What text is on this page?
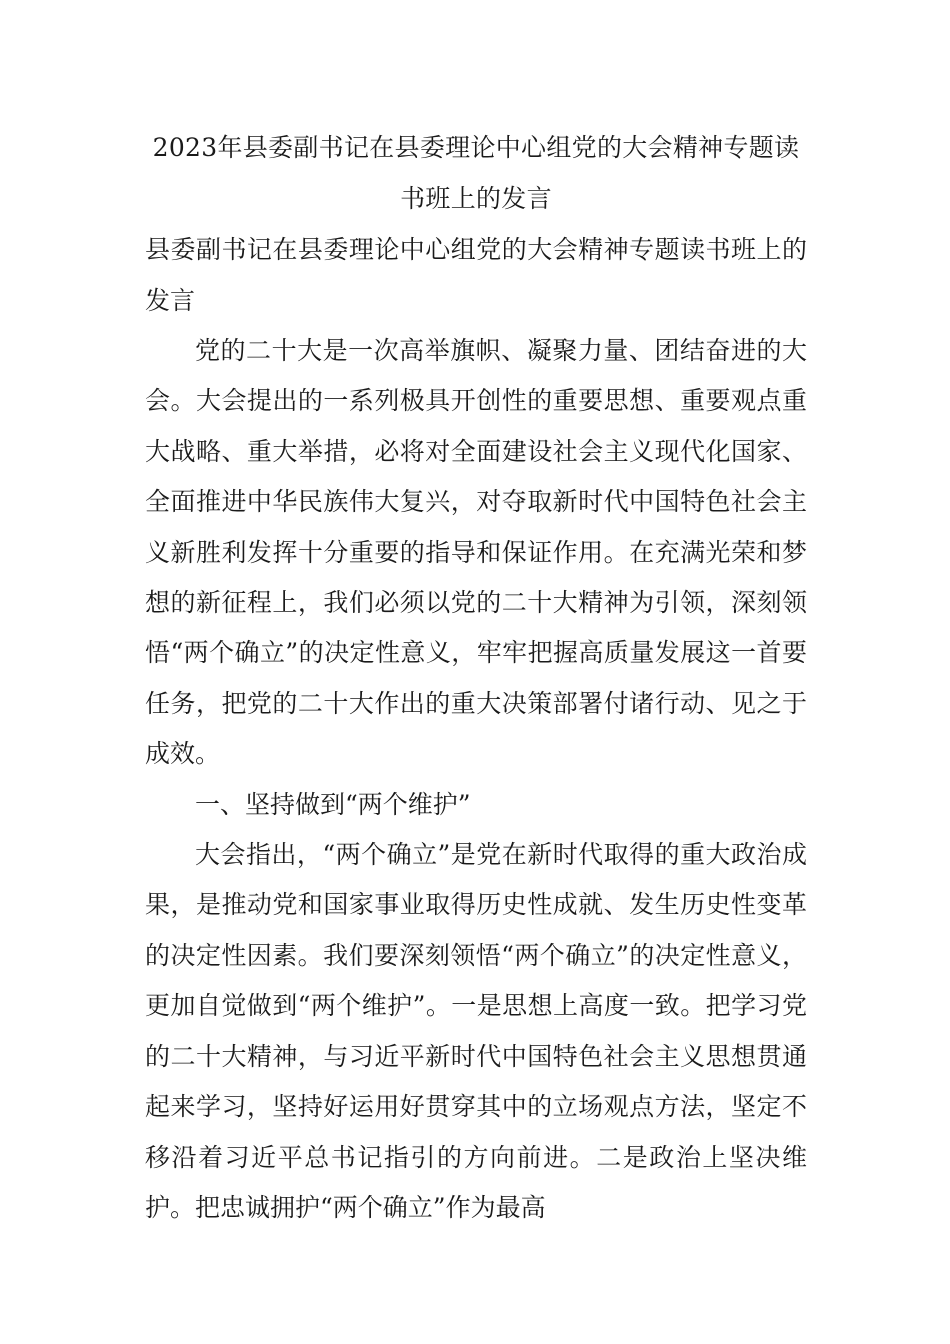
2023年县委副书记在县委理论中心组党的大会精神专题读书班上的发言

县委副书记在县委理论中心组党的大会精神专题读书班上的发言

党的二十大是一次高举旗帜、凝聚力量、团结奋进的大会。大会提出的一系列极具开创性的重要思想、重要观点重大战略、重大举措，必将对全面建设社会主义现代化国家、全面推进中华民族伟大复兴，对夺取新时代中国特色社会主义新胜利发挥十分重要的指导和保证作用。在充满光荣和梦想的新征程上，我们必须以党的二十大精神为引领，深刻领悟“两个确立”的决定性意义，牢牢把握高质量发展这一首要任务，把党的二十大作出的重大决策部署付诸行动、见之于成效。

一、坚持做到“两个维护”

大会指出，“两个确立”是党在新时代取得的重大政治成果，是推动党和国家事业取得历史性成就、发生历史性变革的决定性因素。我们要深刻领悟“两个确立”的决定性意义，更加自觉做到“两个维护”。一是思想上高度一致。把学习党的二十大精神，与习近平新时代中国特色社会主义思想贯通起来学习，坚持好运用好贯穿其中的立场观点方法，坚定不移沿着习近平总书记指引的方向前进。二是政治上坚决维护。把忠诚拥护“两个确立”作为最高
